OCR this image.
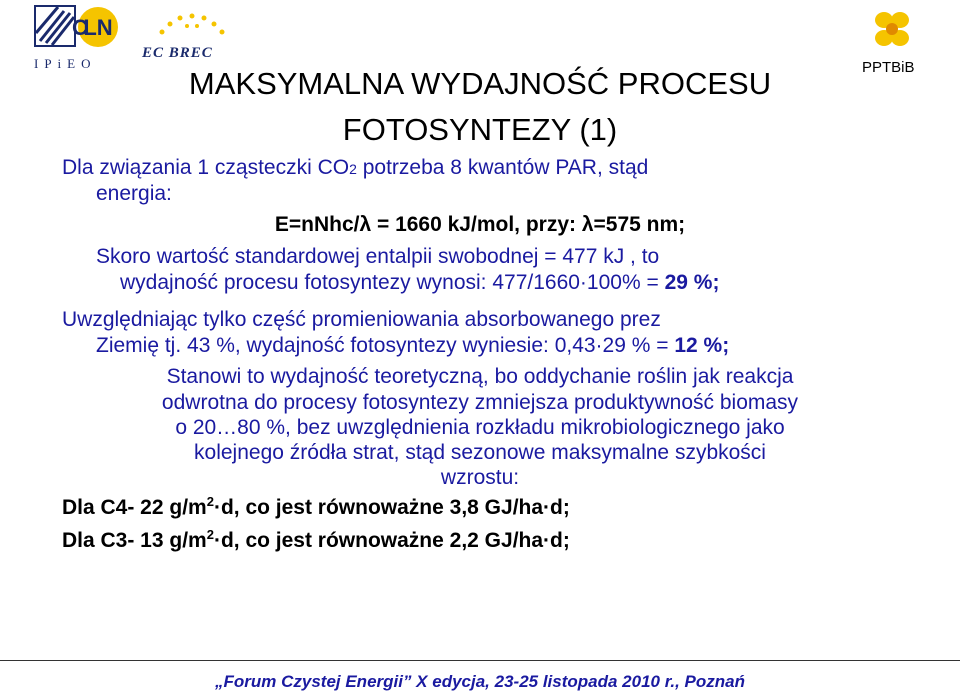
LN
C
IPiEO
EC BREC
PPTBiB
MAKSYMALNA WYDAJNOŚĆ PROCESU
FOTOSYNTEZY (1)
Dla związania 1 cząsteczki CO2 potrzeba 8 kwantów PAR, stąd
energia:
E=nNhc/λ = 1660 kJ/mol, przy: λ=575 nm;
Skoro wartość standardowej entalpii swobodnej = 477 kJ , to
wydajność procesu fotosyntezy wynosi: 477/1660·100% = 29 %;
Uwzględniając tylko część promieniowania absorbowanego prez
Ziemię tj. 43 %, wydajność fotosyntezy wyniesie: 0,43·29 % = 12 %;
Stanowi to wydajność teoretyczną, bo oddychanie roślin jak reakcja
odwrotna do procesy fotosyntezy zmniejsza produktywność biomasy
o 20…80 %, bez uwzględnienia rozkładu mikrobiologicznego jako
kolejnego źródła strat, stąd sezonowe maksymalne szybkości
wzrostu:
Dla C4- 22 $g/m^2\cdot d$, co jest równoważne 3,8 GJ/ha·d;
Dla C3- 13 $g/m^2\cdot d$, co jest równoważne 2,2 GJ/ha·d;
„Forum Czystej Energii” X edycja, 23-25 listopada 2010 r., Poznań
